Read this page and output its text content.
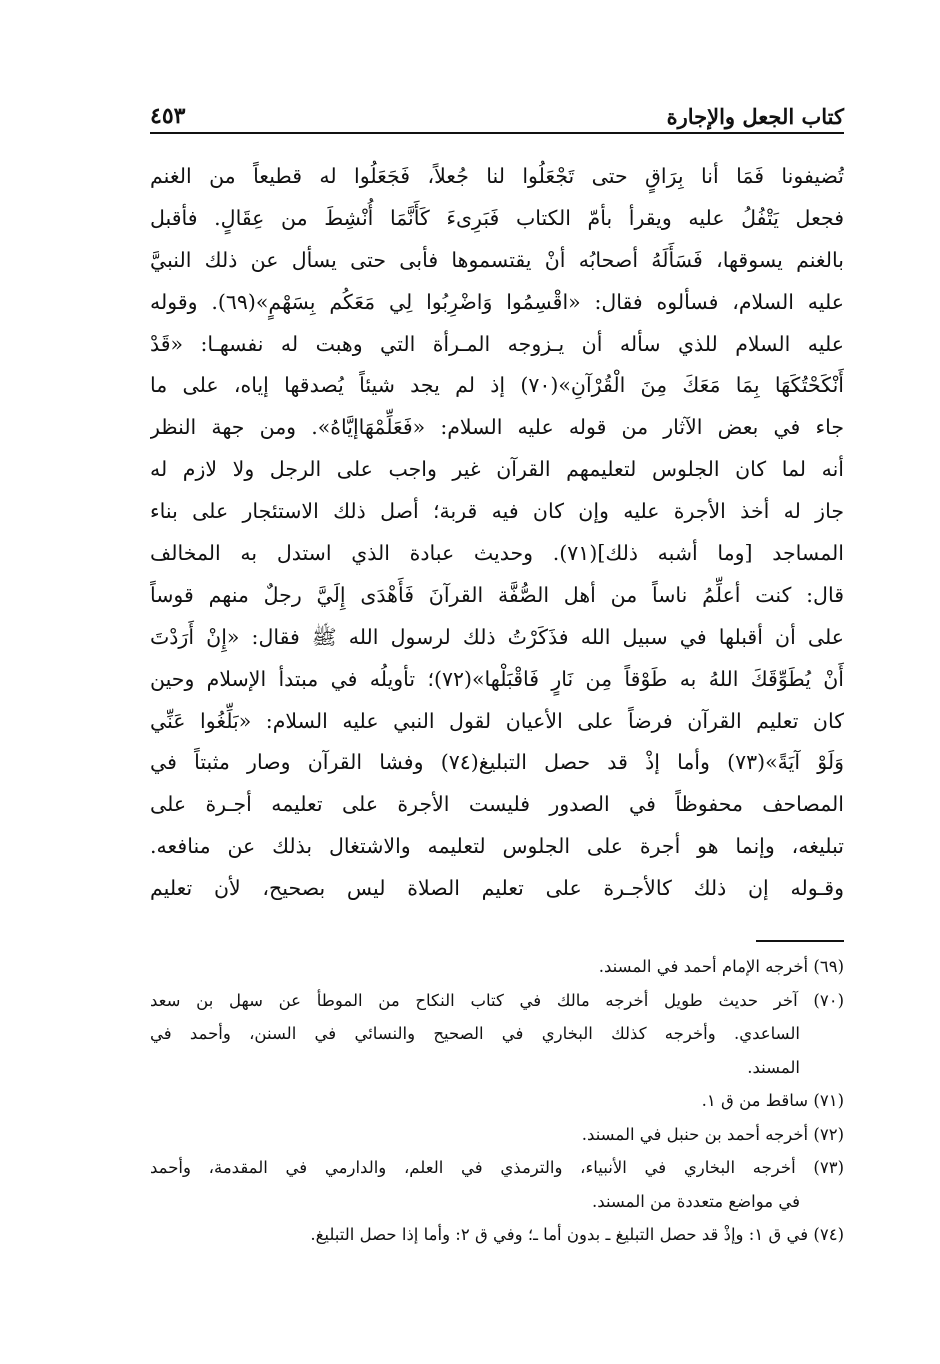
كتاب الجعل والإجارة
٤٥٣
تُضيفونا فَمَا أنا بِرَاقٍ حتى تَجْعَلُوا لنا جُعلاً، فَجَعَلُوا له قطيعاً من الغنم
فجعل يَتْفُلُ عليه ويقرأ بأمّ الكتاب فَبَرِىءَ كَأَنَّمَا أُنْشِطَ من عِقَالٍ. فأقبل
بالغنم يسوقها، فَسَأَلَهُ أصحابُه أنْ يقتسموها فأبى حتى يسأل عن ذلك النبيَّ
عليه السلام، فسألوه فقال: «اقْسِمُوا وَاضْرِبُوا لِي مَعَكُم بِسَهْمٍ»(٦٩). وقوله
عليه السلام للذي سأله أن يـزوجه المـرأة التي وهبت له نفسهـا: «قَدْ
أَنْكَحْتُكَهَا بِمَا مَعَكَ مِنَ الْقُرْآنِ»(٧٠) إذ لم يجد شيئاً يُصدقها إياه، على ما
جاء في بعض الآثار من قوله عليه السلام: «فَعَلِّمْهَاإيَّاهُ». ومن جهة النظر
أنه لما كان الجلوس لتعليمهم القرآن غير واجب على الرجل ولا لازم له
جاز له أخذ الأجرة عليه وإن كان فيه قربة؛ أصل ذلك الاستئجار على بناء
المساجد [وما أشبه ذلك](٧١). وحديث عبادة الذي استدل به المخالف
قال: كنت أعلِّمُ ناساً من أهل الصُّفَّة القرآنَ فَأَهْدَى إِلَيَّ رجلٌ منهم قوساً
على أن أقبلها في سبيل الله فذَكَرْتُ ذلك لرسول الله ﷺ فقال: «إِنْ أَرَدْتَ
أَنْ يُطَوِّقَكَ اللهُ به طَوْقاً مِن نَارٍ فَاقْبَلْها»(٧٢)؛ تأويلُه في مبتدأ الإسلام وحين
كان تعليم القرآن فرضاً على الأعيان لقول النبي عليه السلام: «بَلِّغُوا عَنِّي
وَلَوْ آيَةً»(٧٣) وأما إذْ قد حصل التبليغ(٧٤) وفشا القرآن وصار مثبتاً في
المصاحف محفوظاً في الصدور فليست الأجرة على تعليمه أجـرة على
تبليغه، وإنما هو أجرة على الجلوس لتعليمه والاشتغال بذلك عن منافعه.
وقـوله إن ذلك كالأجـرة على تعليم الصلاة ليس بصحيح، لأن تعليم
(٦٩) أخرجه الإمام أحمد في المسند.
(٧٠) آخر حديث طويل أخرجه مالك في كتاب النكاح من الموطأ عن سهل بن سعد
الساعدي. وأخرجه كذلك البخاري في الصحيح والنسائي في السنن، وأحمد في
المسند.
(٧١) ساقط من ق ١.
(٧٢) أخرجه أحمد بن حنبل في المسند.
(٧٣) أخرجه البخاري في الأنبياء، والترمذي في العلم، والدارمي في المقدمة، وأحمد
في مواضع متعددة من المسند.
(٧٤) في ق ١: وإذْ قد حصل التبليغ ـ بدون أما ـ؛ وفي ق ٢: وأما إذا حصل التبليغ.
